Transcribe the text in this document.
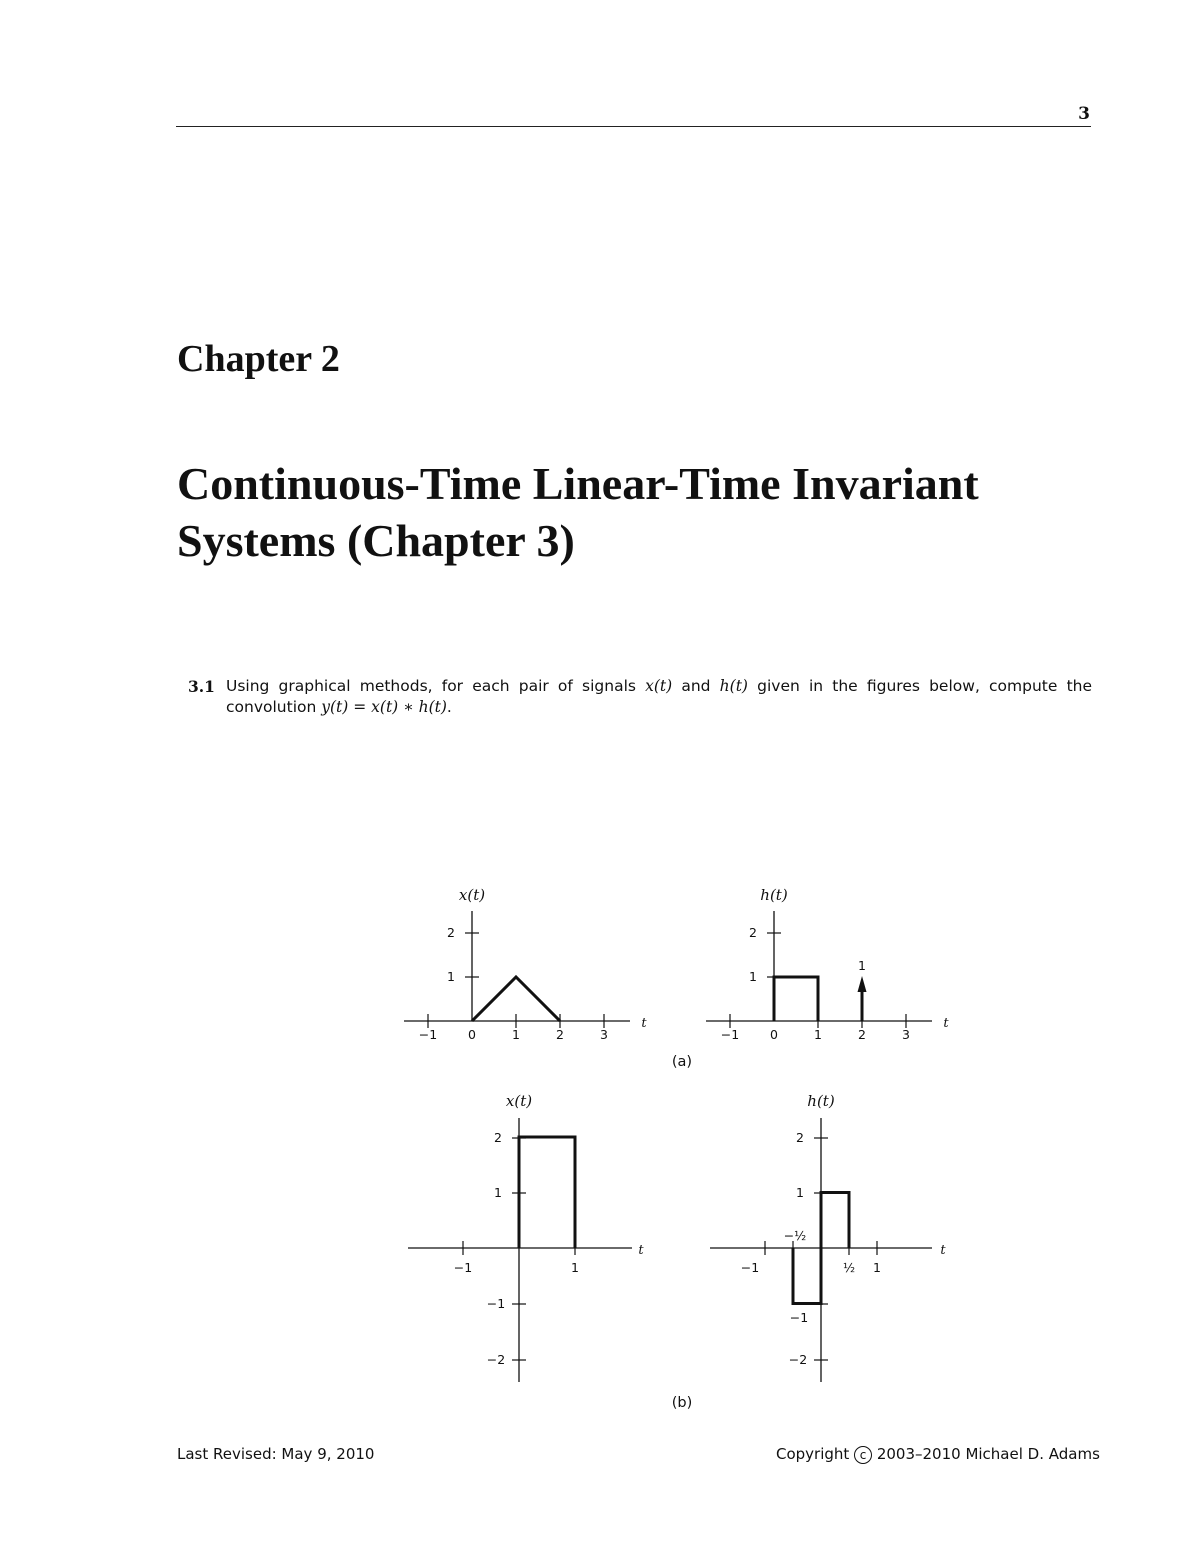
3
Chapter 2
Continuous-Time Linear-Time Invariant
Systems (Chapter 3)
3.1 Using graphical methods, for each pair of signals x(t) and h(t) given in the figures below, compute the convolution y(t) = x(t) ∗ h(t).
x(t)
t
−1 0	1	2	3
1
2
h(t)
t
−1 0	1	2	3
1
2
1
(a)
x(t)
t
−1	1
2
1
−1
−2
h(t)
t
−1	½ 1
−½
2
1
−1
−2
(b)
Last Revised: May 9, 2010	Copyright c 2003–2010 Michael D. Adams
